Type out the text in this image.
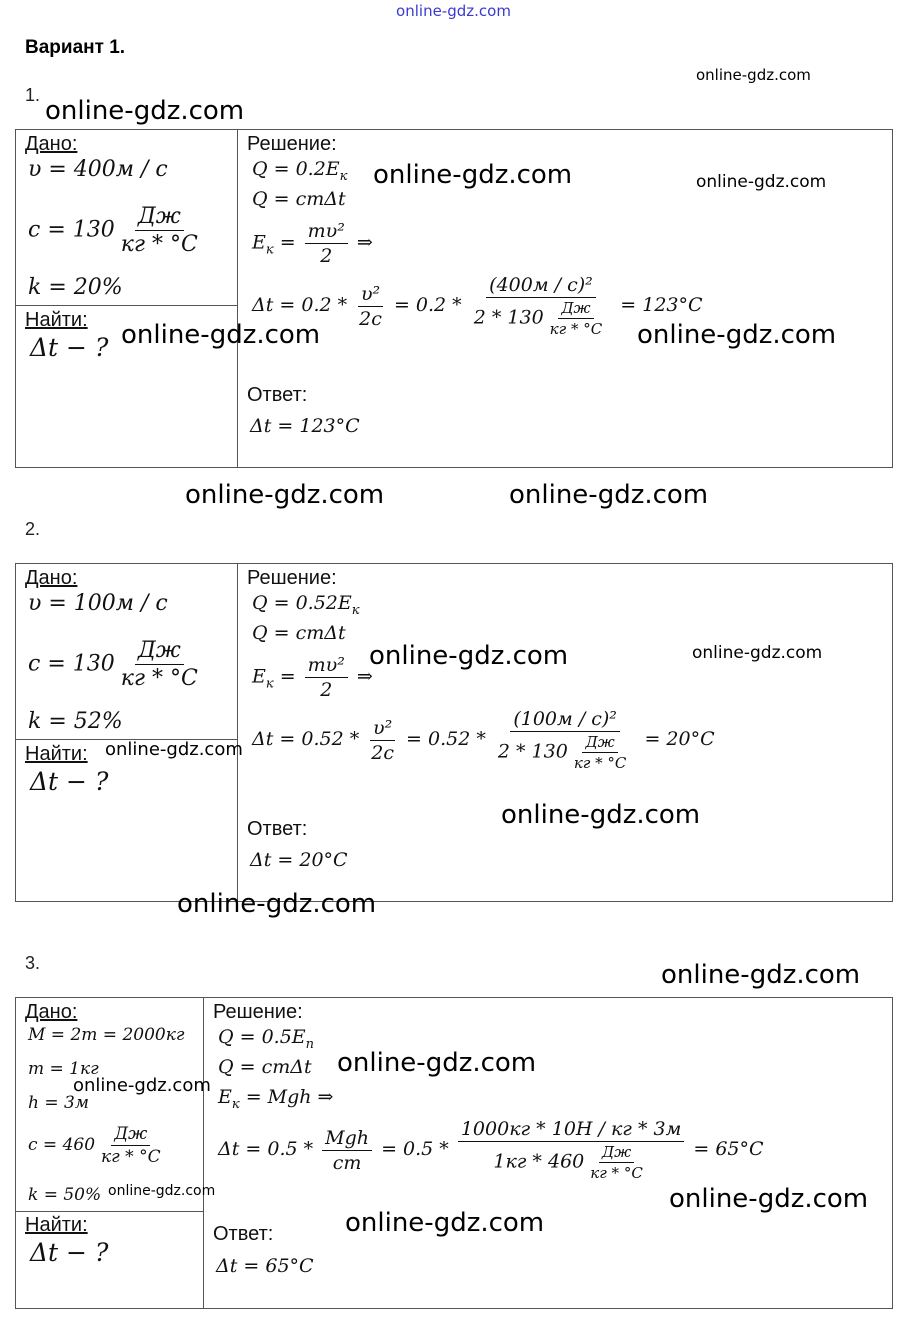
online-gdz.com
Вариант 1.
1.
Дано:
υ = 400м / с
$c = 130 \frac{Дж}{кг * ^\circ C}$
k = 20%
Найти:
Δt − ?
Решение:
$Q = 0.2E_к$
Q = cmΔt
$E_к = \frac{\text{mυ²}}{2}$ ⇒
$\Delta t = 0.2 * \frac{\text{υ²}}{2c} = 0.2 * \frac{\text{(400м / с)²}}{2 * 130 \frac{Дж}{кг * ^\circ C}} = 123^\circ C$
Ответ:
Δt = 123°C
2.
Дано:
υ = 100м / с
$c = 130 \frac{Дж}{кг * ^\circ C}$
k = 52%
Найти:
Δt − ?
Решение:
$Q = 0.52E_к$
Q = cmΔt
$E_к = \frac{\text{mυ²}}{2}$ ⇒
$\Delta t = 0.52 * \frac{\text{υ²}}{2c} = 0.52 * \frac{\text{(100м / с)²}}{2 * 130 \frac{Дж}{кг * ^\circ C}} = 20^\circ C$
Ответ:
Δt = 20°C
3.
Дано:
M = 2m = 2000кг
m = 1кг
h = 3м
$c = 460 \frac{Дж}{кг * ^\circ C}$
k = 50%
Найти:
Δt − ?
Решение:
$Q = 0.5E_п$
Q = cmΔt
$E_к$ = Mgh ⇒
$\Delta t = 0.5 * \frac{\text{Mgh}}{cm} = 0.5 * \frac{1000кг * 10Н / кг * 3м}{1кг * 460 \frac{Дж}{кг * ^\circ C}} = 65^\circ C$
Ответ:
Δt = 65°C
online-gdz.com
online-gdz.com
online-gdz.com	online-gdz.com
online-gdz.com	online-gdz.com
online-gdz.com	online-gdz.com
online-gdz.com	online-gdz.com
online-gdz.com
online-gdz.com
online-gdz.com
online-gdz.com
online-gdz.com
online-gdz.com
online-gdz.com	online-gdz.com
online-gdz.com
